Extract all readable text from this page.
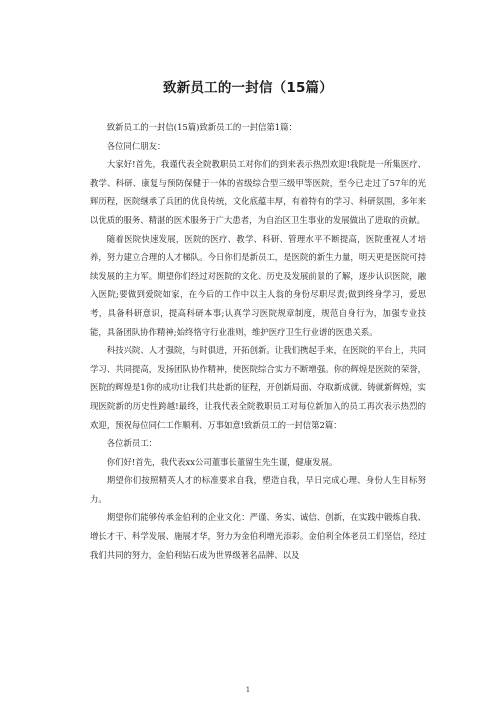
致新员工的一封信（15篇）

致新员工的一封信(15篇)致新员工的一封信第1篇：

各位同仁朋友：

大家好!首先，我谨代表全院教职员工对你们的到来表示热烈欢迎!我院是一所集医疗、教学、科研、康复与预防保健于一体的省级综合型三级甲等医院，至今已走过了57年的光辉历程，医院继承了兵团的优良传统，文化底蕴丰厚，有着特有的学习、科研氛围，多年来以优质的服务、精湛的医术服务于广大患者，为自治区卫生事业的发展做出了进取的贡献。

随着医院快速发展，医院的医疗、教学、科研、管理水平不断提高，医院重视人才培养，努力建立合理的人才梯队。今日你们是新员工，是医院的新生力量，明天更是医院可持续发展的主力军。期望你们经过对医院的文化、历史及发展前景的了解，逐步认识医院，融入医院;要做到爱院如家，在今后的工作中以主人翁的身份尽职尽责;做到终身学习，爱思考，具备科研意识，提高科研本事;认真学习医院规章制度，规范自身行为，加强专业技能，具备团队协作精神;始终恪守行业准则，维护医疗卫生行业谱的医患关系。

科技兴院、人才强院，与时俱进，开拓创新。让我们携起手来，在医院的平台上，共同学习、共同提高，发扬团队协作精神，使医院综合实力不断增强。你的辉煌是医院的荣誉，医院的辉煌是1你的成功!让我们共赴新的征程，开创新局面、夺取新成就、铸就新辉煌，实现医院新的历史性跨越!最终，让我代表全院教职员工对每位新加入的员工再次表示热烈的欢迎，预祝每位同仁工作顺利、万事如意!致新员工的一封信第2篇：

各位新员工：

你们好!首先，我代表xx公司董事长董留生先生谨，健康发展。

期望你们按照精英人才的标准要求自我，塑造自我，早日完成心理、身份人生目标努力。

期望你们能够传承金伯利的企业文化：严谨、务实、诚信、创新，在实践中锻炼自我、增长才干、科学发展、施展才华，努力为金伯利增光添彩。金伯利全体老员工们坚信，经过我们共同的努力，金伯利钻石成为世界级著名品牌、以及

1
